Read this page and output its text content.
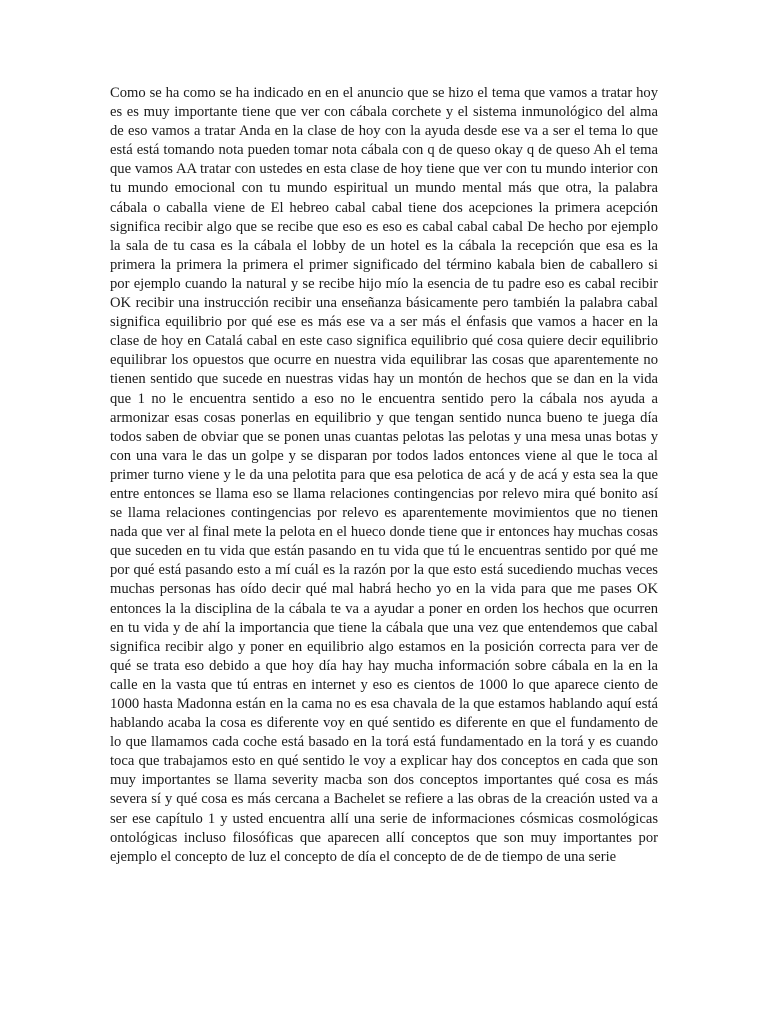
Como se ha como se ha indicado en en el anuncio que se hizo el tema que vamos a tratar hoy es es muy importante tiene que ver con cábala corchete y el sistema inmunológico del alma de eso vamos a tratar Anda en la clase de hoy con la ayuda desde ese va a ser el tema lo que está está tomando nota pueden tomar nota cábala con q de queso okay q de queso Ah el tema que vamos AA tratar con ustedes en esta clase de hoy tiene que ver con tu mundo interior con tu mundo emocional con tu mundo espiritual un mundo mental más que otra, la palabra cábala o caballa viene de El hebreo cabal cabal tiene dos acepciones la primera acepción significa recibir algo que se recibe que eso es eso es cabal cabal cabal De hecho por ejemplo la sala de tu casa es la cábala el lobby de un hotel es la cábala la recepción que esa es la primera la primera la primera el primer significado del término kabala bien de caballero si por ejemplo cuando la natural y se recibe hijo mío la esencia de tu padre eso es cabal recibir OK recibir una instrucción recibir una enseñanza básicamente pero también la palabra cabal significa equilibrio por qué ese es más ese va a ser más el énfasis que vamos a hacer en la clase de hoy en Catalá cabal en este caso significa equilibrio qué cosa quiere decir equilibrio equilibrar los opuestos que ocurre en nuestra vida equilibrar las cosas que aparentemente no tienen sentido que sucede en nuestras vidas hay un montón de hechos que se dan en la vida que 1 no le encuentra sentido a eso no le encuentra sentido pero la cábala nos ayuda a armonizar esas cosas ponerlas en equilibrio y que tengan sentido nunca bueno te juega día todos saben de obviar que se ponen unas cuantas pelotas las pelotas y una mesa unas botas y con una vara le das un golpe y se disparan por todos lados entonces viene al que le toca al primer turno viene y le da una pelotita para que esa pelotica de acá y de acá y esta sea la que entre entonces se llama eso se llama relaciones contingencias por relevo mira qué bonito así se llama relaciones contingencias por relevo es aparentemente movimientos que no tienen nada que ver al final mete la pelota en el hueco donde tiene que ir entonces hay muchas cosas que suceden en tu vida que están pasando en tu vida que tú le encuentras sentido por qué me por qué está pasando esto a mí cuál es la razón por la que esto está sucediendo muchas veces muchas personas has oído decir qué mal habrá hecho yo en la vida para que me pases OK entonces la la disciplina de la cábala te va a ayudar a poner en orden los hechos que ocurren en tu vida y de ahí la importancia que tiene la cábala que una vez que entendemos que cabal significa recibir algo y poner en equilibrio algo estamos en la posición correcta para ver de qué se trata eso debido a que hoy día hay hay mucha información sobre cábala en la en la calle en la vasta que tú entras en internet y eso es cientos de 1000 lo que aparece ciento de 1000 hasta Madonna están en la cama no es esa chavala de la que estamos hablando aquí está hablando acaba la cosa es diferente voy en qué sentido es diferente en que el fundamento de lo que llamamos cada coche está basado en la torá está fundamentado en la torá y es cuando toca que trabajamos esto en qué sentido le voy a explicar hay dos conceptos en cada que son muy importantes se llama severity macba son dos conceptos importantes qué cosa es más severa sí y qué cosa es más cercana a Bachelet se refiere a las obras de la creación usted va a ser ese capítulo 1 y usted encuentra allí una serie de informaciones cósmicas cosmológicas ontológicas incluso filosóficas que aparecen allí conceptos que son muy importantes por ejemplo el concepto de luz el concepto de día el concepto de de de tiempo de una serie
